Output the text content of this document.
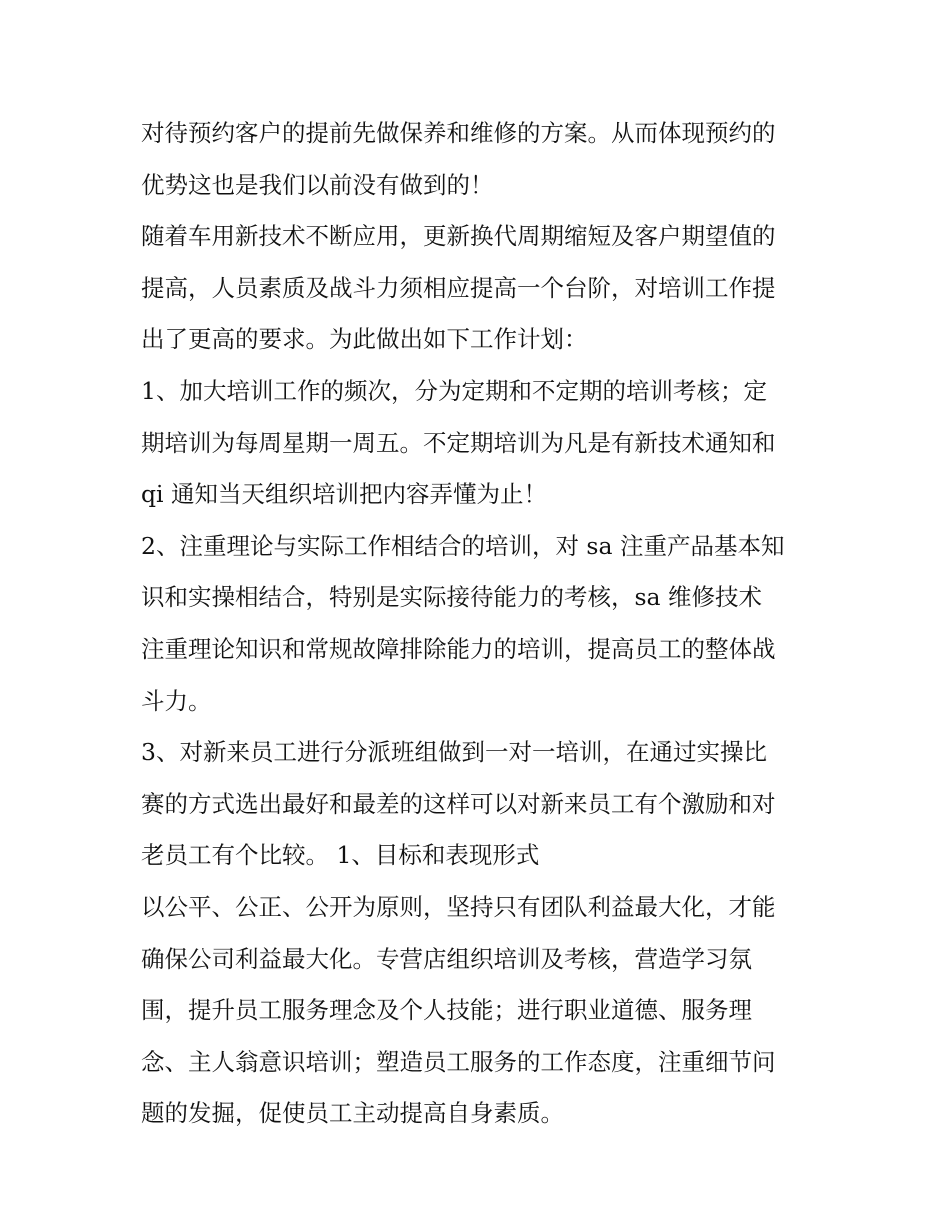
对待预约客户的提前先做保养和维修的方案。从而体现预约的
优势这也是我们以前没有做到的！
随着车用新技术不断应用，更新换代周期缩短及客户期望值的
提高，人员素质及战斗力须相应提高一个台阶，对培训工作提
出了更高的要求。为此做出如下工作计划：
1、加大培训工作的频次，分为定期和不定期的培训考核；定
期培训为每周星期一周五。不定期培训为凡是有新技术通知和
qi 通知当天组织培训把内容弄懂为止！
2、注重理论与实际工作相结合的培训，对 sa 注重产品基本知
识和实操相结合，特别是实际接待能力的考核，sa 维修技术
注重理论知识和常规故障排除能力的培训，提高员工的整体战
斗力。
3、对新来员工进行分派班组做到一对一培训，在通过实操比
赛的方式选出最好和最差的这样可以对新来员工有个激励和对
老员工有个比较。 1、目标和表现形式
以公平、公正、公开为原则，坚持只有团队利益最大化，才能
确保公司利益最大化。专营店组织培训及考核，营造学习氛
围，提升员工服务理念及个人技能；进行职业道德、服务理
念、主人翁意识培训；塑造员工服务的工作态度，注重细节问
题的发掘，促使员工主动提高自身素质。
